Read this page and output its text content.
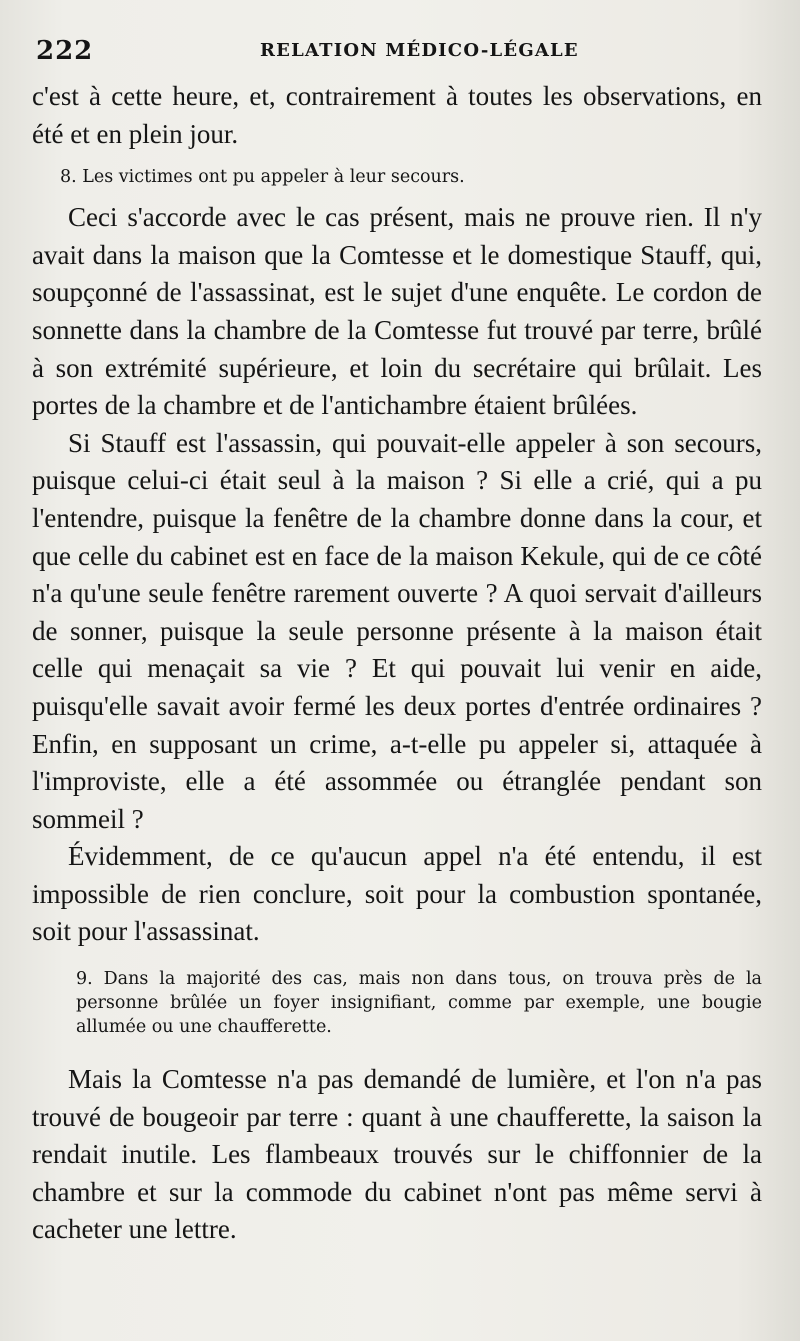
222	RELATION MÉDICO-LÉGALE

c'est à cette heure, et, contrairement à toutes les observations, en été et en plein jour.

8. Les victimes ont pu appeler à leur secours.

Ceci s'accorde avec le cas présent, mais ne prouve rien. Il n'y avait dans la maison que la Comtesse et le domestique Stauff, qui, soupçonné de l'assassinat, est le sujet d'une enquête. Le cordon de sonnette dans la chambre de la Comtesse fut trouvé par terre, brûlé à son extrémité supérieure, et loin du secrétaire qui brûlait. Les portes de la chambre et de l'antichambre étaient brûlées.

Si Stauff est l'assassin, qui pouvait-elle appeler à son secours, puisque celui-ci était seul à la maison ? Si elle a crié, qui a pu l'entendre, puisque la fenêtre de la chambre donne dans la cour, et que celle du cabinet est en face de la maison Kekule, qui de ce côté n'a qu'une seule fenêtre rarement ouverte ? A quoi servait d'ailleurs de sonner, puisque la seule personne présente à la maison était celle qui menaçait sa vie ? Et qui pouvait lui venir en aide, puisqu'elle savait avoir fermé les deux portes d'entrée ordinaires ? Enfin, en supposant un crime, a-t-elle pu appeler si, attaquée à l'improviste, elle a été assommée ou étranglée pendant son sommeil ?

Évidemment, de ce qu'aucun appel n'a été entendu, il est impossible de rien conclure, soit pour la combustion spontanée, soit pour l'assassinat.

9. Dans la majorité des cas, mais non dans tous, on trouva près de la personne brûlée un foyer insignifiant, comme par exemple, une bougie allumée ou une chaufferette.

Mais la Comtesse n'a pas demandé de lumière, et l'on n'a pas trouvé de bougeoir par terre : quant à une chaufferette, la saison la rendait inutile. Les flambeaux trouvés sur le chiffonnier de la chambre et sur la commode du cabinet n'ont pas même servi à cacheter une lettre.
